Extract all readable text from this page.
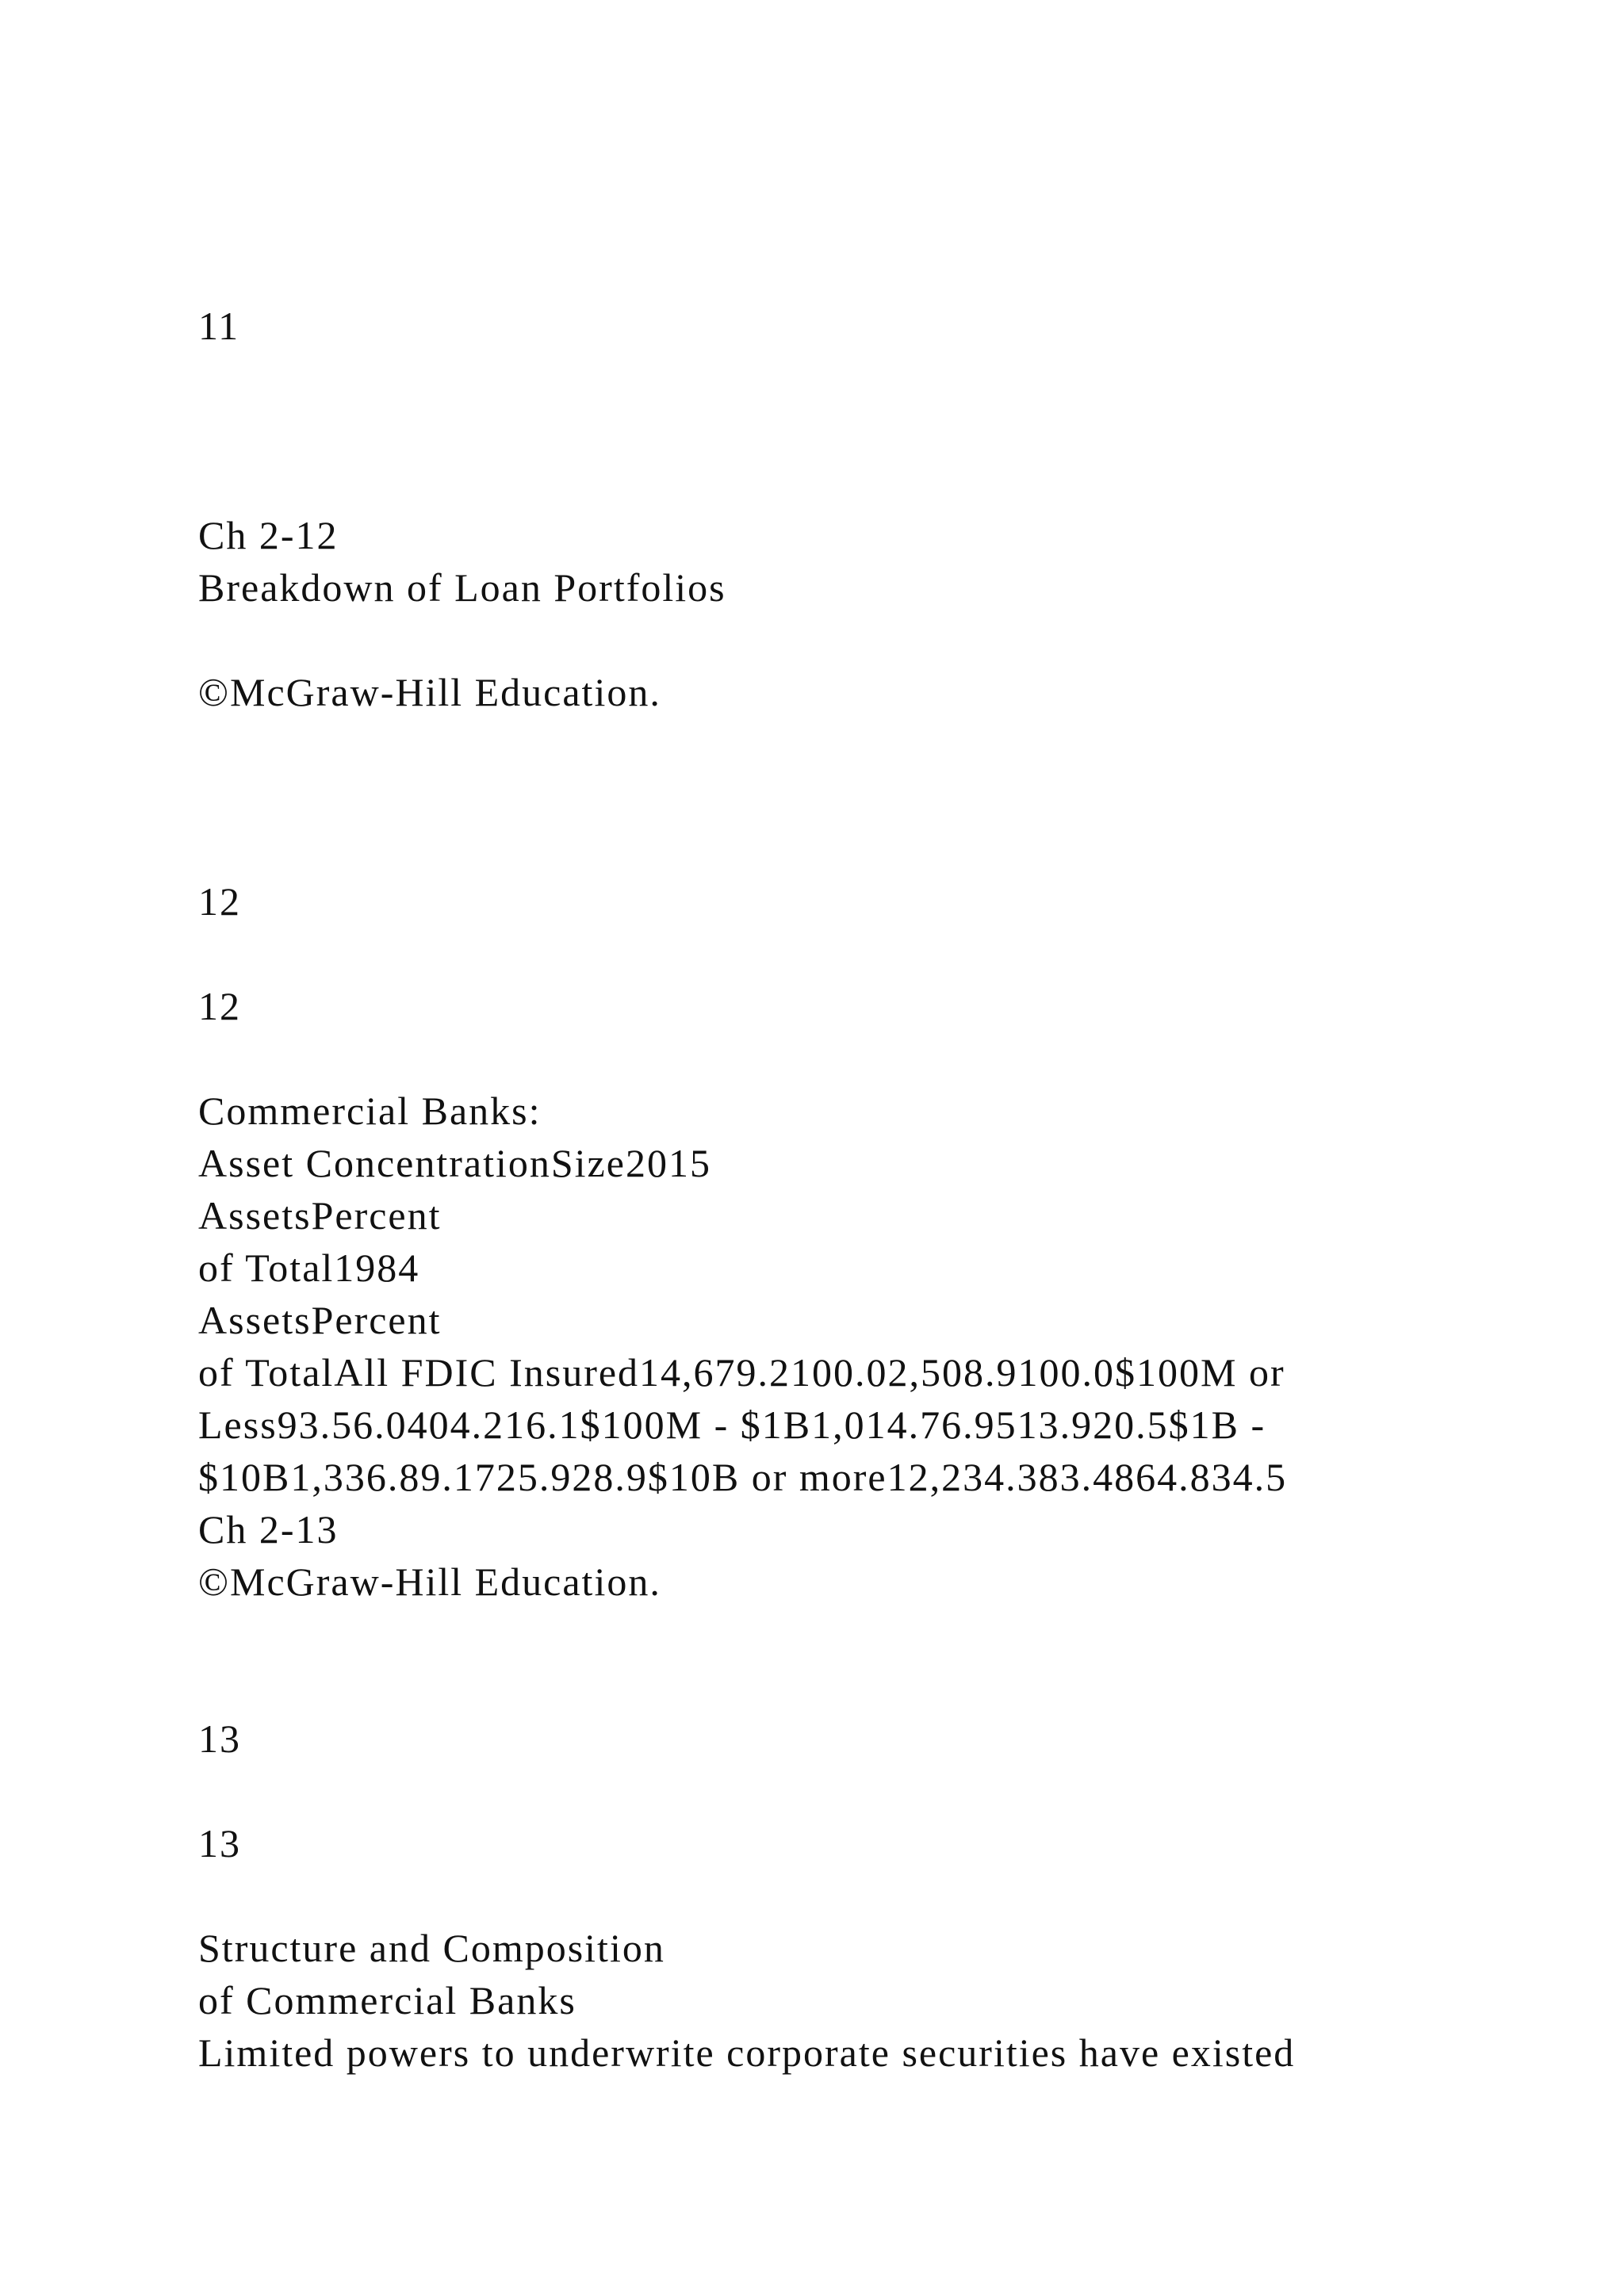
11

Ch 2-12

Breakdown of Loan Portfolios

©McGraw-Hill Education.

12

12

Commercial Banks:

Asset ConcentrationSize2015

AssetsPercent

of Total1984

AssetsPercent

of TotalAll FDIC Insured14,679.2100.02,508.9100.0$100M or

Less93.56.0404.216.1$100M - $1B1,014.76.9513.920.5$1B -

$10B1,336.89.1725.928.9$10B or more12,234.383.4864.834.5

Ch 2-13

©McGraw-Hill Education.

13

13

Structure and Composition

of Commercial Banks

Limited powers to underwrite corporate securities have existed
